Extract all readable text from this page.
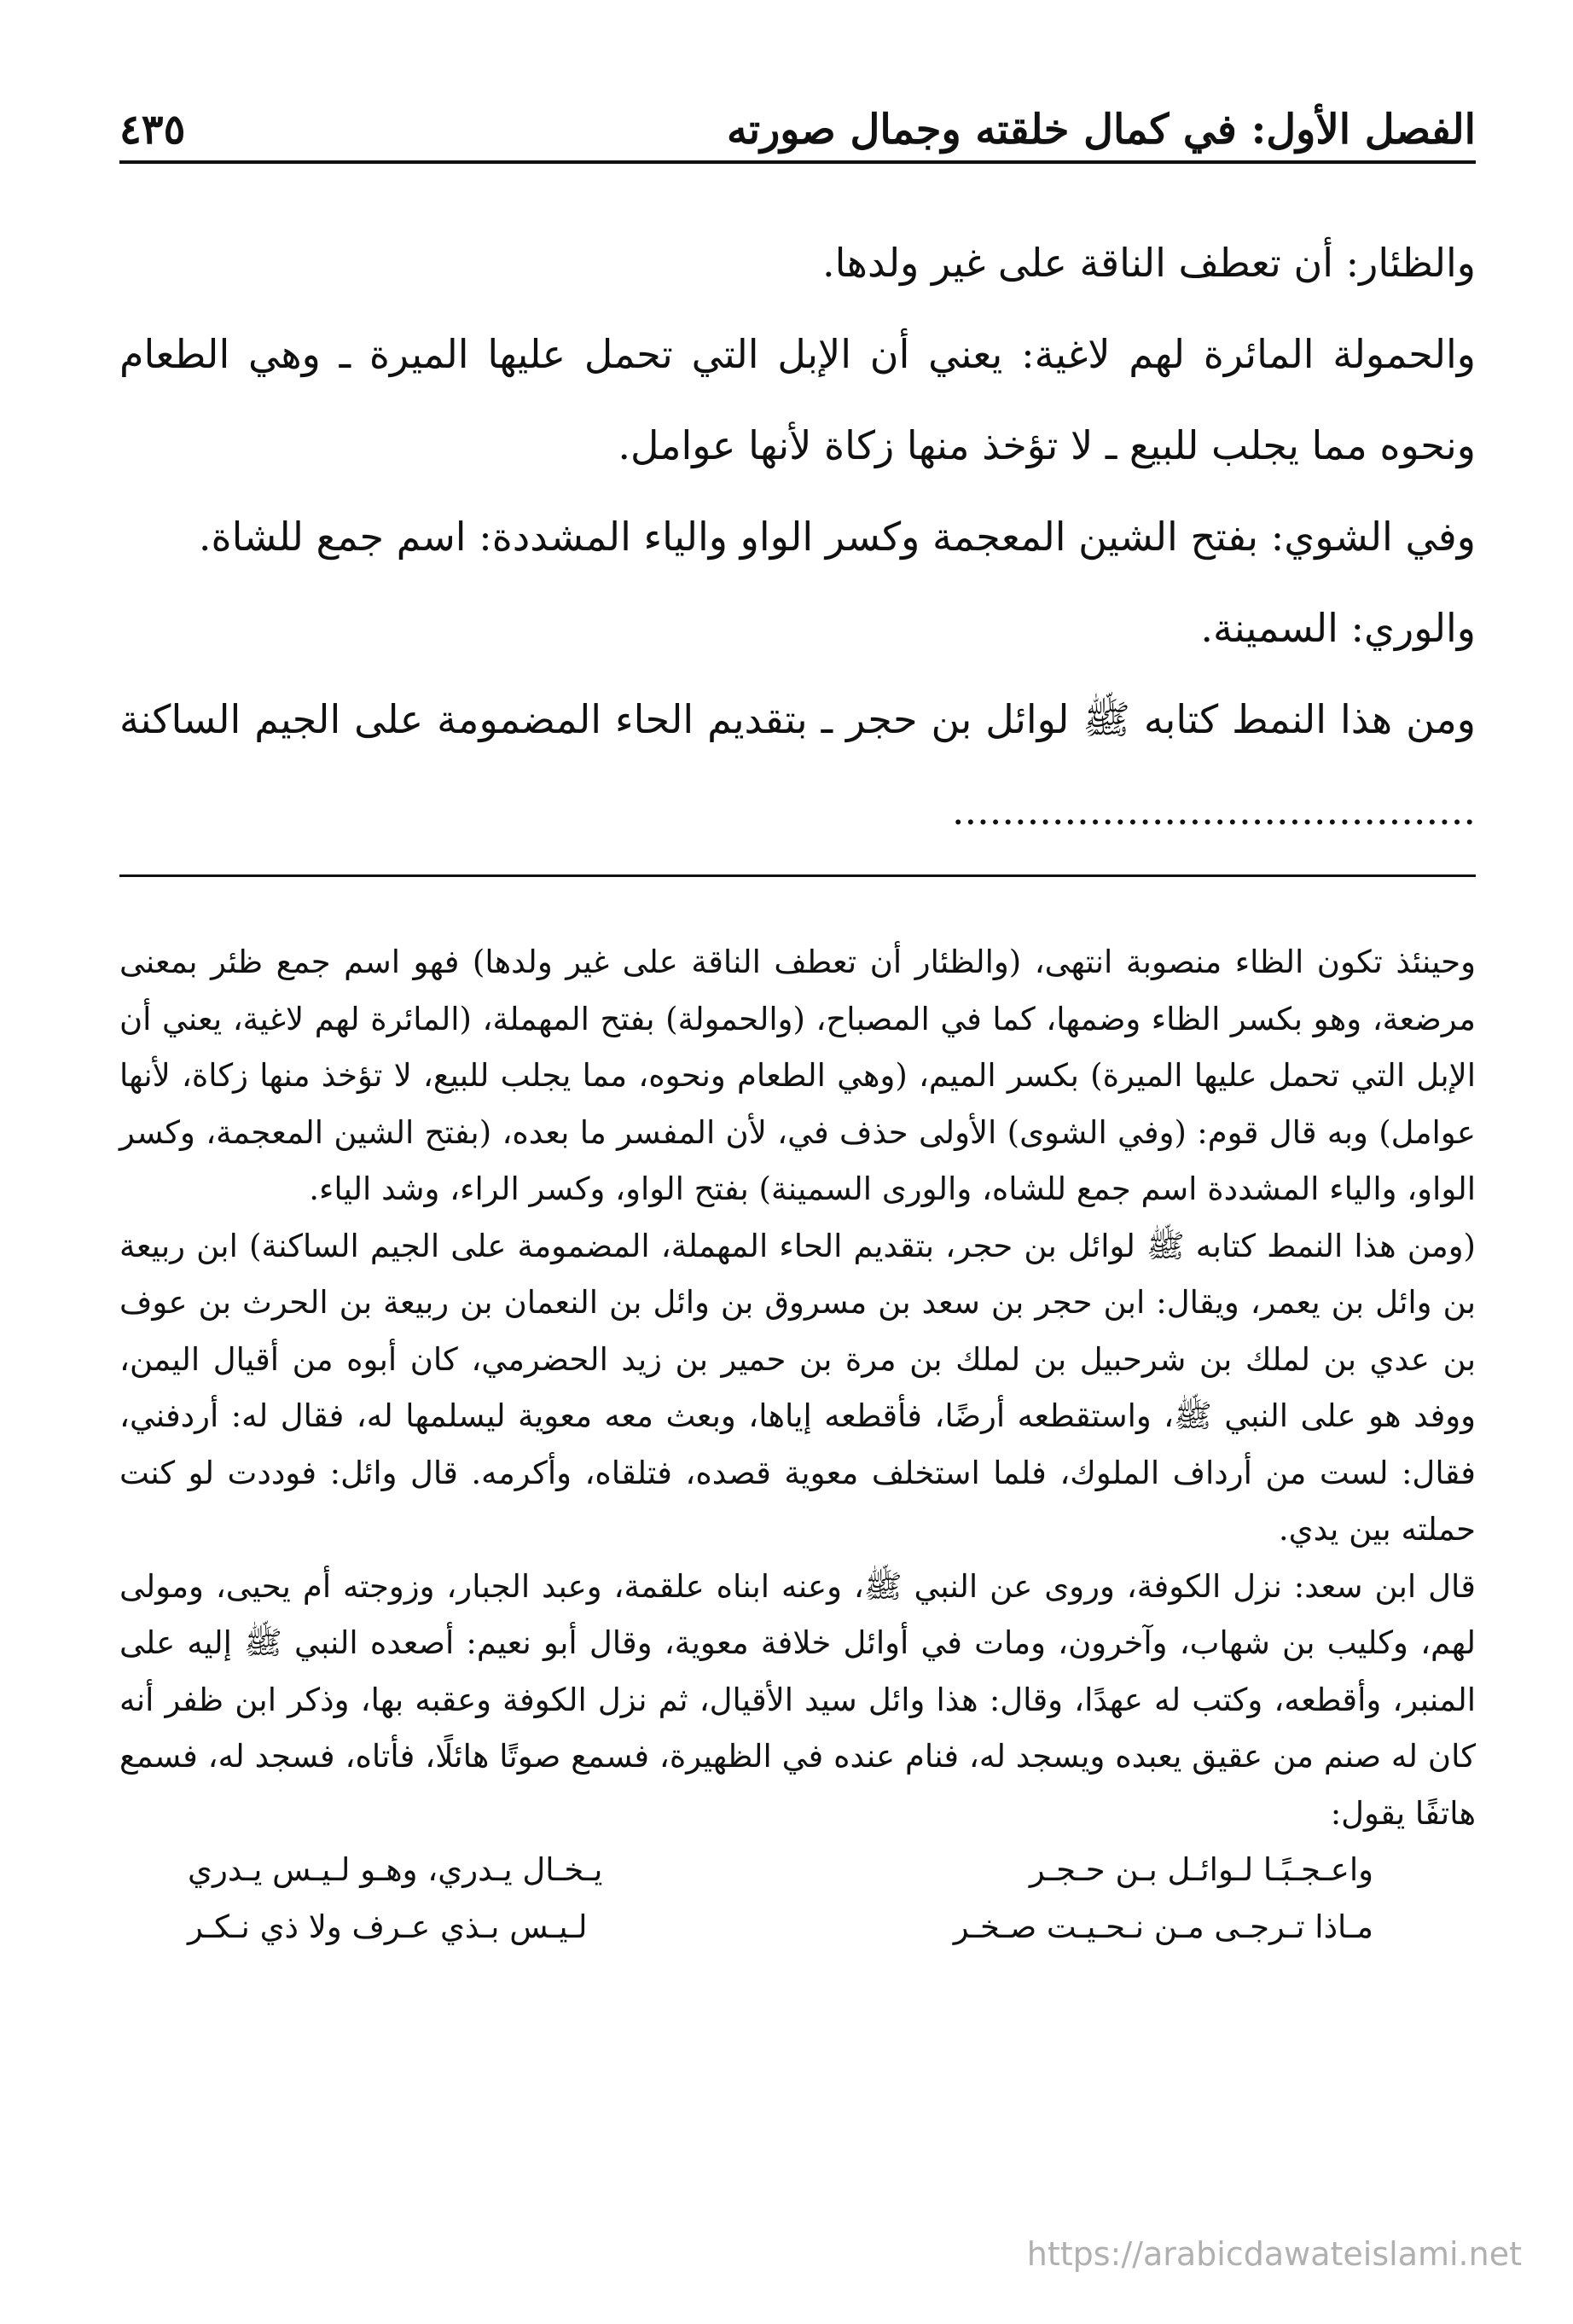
الفصل الأول: في كمال خلقته وجمال صورته
٤٣٥

والظئار: أن تعطف الناقة على غير ولدها.

والحمولة المائرة لهم لاغية: يعني أن الإبل التي تحمل عليها الميرة ـ وهي الطعام ونحوه مما يجلب للبيع ـ لا تؤخذ منها زكاة لأنها عوامل.

وفي الشوي: بفتح الشين المعجمة وكسر الواو والياء المشددة: اسم جمع للشاة.

والوري: السمينة.

ومن هذا النمط كتابه ﷺ لوائل بن حجر ـ بتقديم الحاء المضمومة على الجيم الساكنة ..........................................

وحينئذ تكون الظاء منصوبة انتهى، (والظئار أن تعطف الناقة على غير ولدها) فهو اسم جمع ظئر بمعنى مرضعة، وهو بكسر الظاء وضمها، كما في المصباح، (والحمولة) بفتح المهملة، (المائرة لهم لاغية، يعني أن الإبل التي تحمل عليها الميرة) بكسر الميم، (وهي الطعام ونحوه، مما يجلب للبيع، لا تؤخذ منها زكاة، لأنها عوامل) وبه قال قوم: (وفي الشوى) الأولى حذف في، لأن المفسر ما بعده، (بفتح الشين المعجمة، وكسر الواو، والياء المشددة اسم جمع للشاه، والورى السمينة) بفتح الواو، وكسر الراء، وشد الياء.

(ومن هذا النمط كتابه ﷺ لوائل بن حجر، بتقديم الحاء المهملة، المضمومة على الجيم الساكنة) ابن ربيعة بن وائل بن يعمر، ويقال: ابن حجر بن سعد بن مسروق بن وائل بن النعمان بن ربيعة بن الحرث بن عوف بن عدي بن لملك بن شرحبيل بن لملك بن مرة بن حمير بن زيد الحضرمي، كان أبوه من أقيال اليمن، ووفد هو على النبي ﷺ، واستقطعه أرضًا، فأقطعه إياها، وبعث معه معوية ليسلمها له، فقال له: أردفني، فقال: لست من أرداف الملوك، فلما استخلف معوية قصده، فتلقاه، وأكرمه. قال وائل: فوددت لو كنت حملته بين يدي.

قال ابن سعد: نزل الكوفة، وروى عن النبي ﷺ، وعنه ابناه علقمة، وعبد الجبار، وزوجته أم يحيى، ومولى لهم، وكليب بن شهاب، وآخرون، ومات في أوائل خلافة معوية، وقال أبو نعيم: أصعده النبي ﷺ إليه على المنبر، وأقطعه، وكتب له عهدًا، وقال: هذا وائل سيد الأقيال، ثم نزل الكوفة وعقبه بها، وذكر ابن ظفر أنه كان له صنم من عقيق يعبده ويسجد له، فنام عنده في الظهيرة، فسمع صوتًا هائلًا، فأتاه، فسجد له، فسمع هاتفًا يقول:

واعـجـبًـا لـوائـل بـن حـجـر
يـخـال يـدري، وهـو لـيـس يـدري
مـاذا تـرجـى مـن نـحـيـت صـخـر
لـيـس بـذي عـرف ولا ذي نـكـر
https://arabicdawateislami.net
